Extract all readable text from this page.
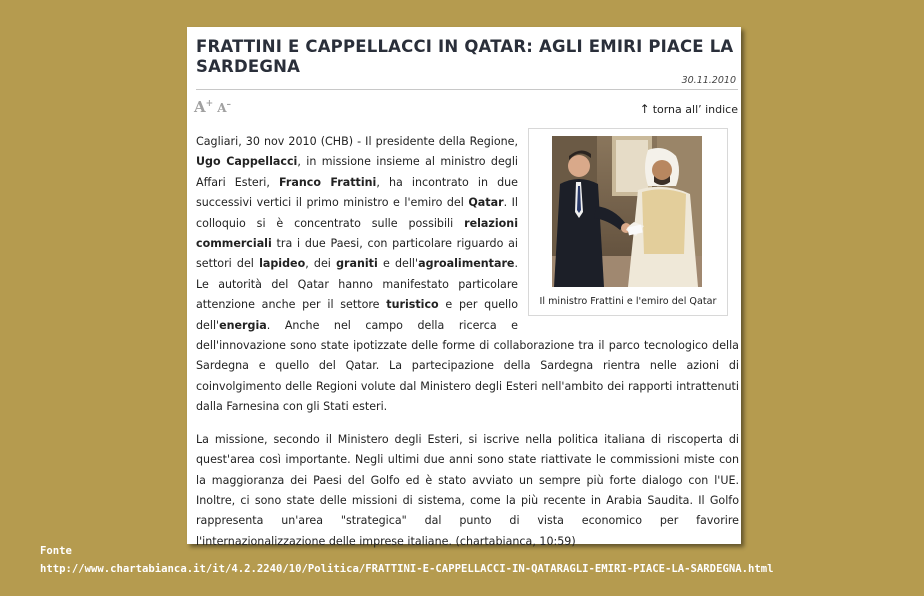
FRATTINI E CAPPELLACCI IN QATAR: AGLI EMIRI PIACE LA SARDEGNA
30.11.2010
A+ A–	↑ torna all’ indice
Il ministro Frattini e l'emiro del Qatar

Cagliari, 30 nov 2010 (CHB) - Il presidente della Regione, Ugo Cappellacci, in missione insieme al ministro degli Affari Esteri, Franco Frattini, ha incontrato in due successivi vertici il primo ministro e l'emiro del Qatar. Il colloquio si è concentrato sulle possibili relazioni commerciali tra i due Paesi, con particolare riguardo ai settori del lapideo, dei graniti e dell'agroalimentare. Le autorità del Qatar hanno manifestato particolare attenzione anche per il settore turistico e per quello dell'energia. Anche nel campo della ricerca e dell'innovazione sono state ipotizzate delle forme di collaborazione tra il parco tecnologico della Sardegna e quello del Qatar. La partecipazione della Sardegna rientra nelle azioni di coinvolgimento delle Regioni volute dal Ministero degli Esteri nell'ambito dei rapporti intrattenuti dalla Farnesina con gli Stati esteri.

La missione, secondo il Ministero degli Esteri, si iscrive nella politica italiana di riscoperta di quest'area così importante. Negli ultimi due anni sono state riattivate le commissioni miste con la maggioranza dei Paesi del Golfo ed è stato avviato un sempre più forte dialogo con l'UE. Inoltre, ci sono state delle missioni di sistema, come la più recente in Arabia Saudita. Il Golfo rappresenta un'area "strategica" dal punto di vista economico per favorire l'internazionalizzazione delle imprese italiane. (chartabianca, 10:59)

Fonte
http://www.chartabianca.it/it/4.2.2240/10/Politica/FRATTINI-E-CAPPELLACCI-IN-QATARAGLI-EMIRI-PIACE-LA-SARDEGNA.html
